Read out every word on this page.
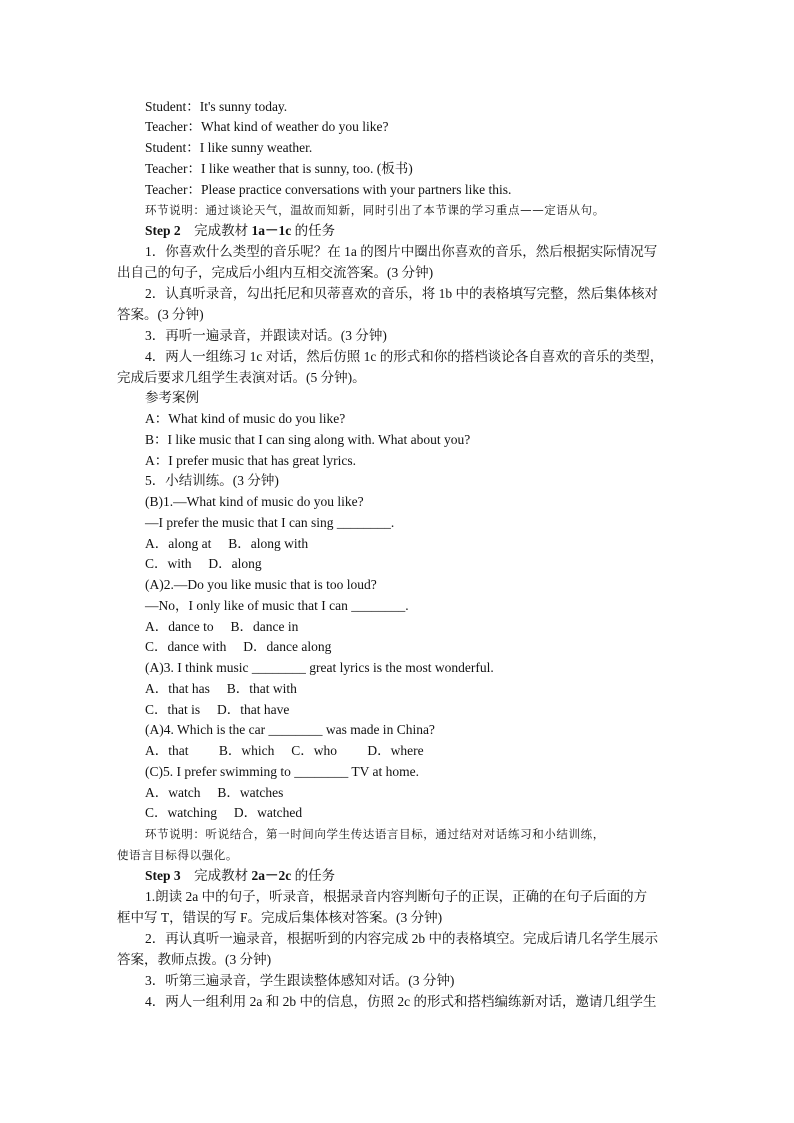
Student：It's sunny today.
Teacher：What kind of weather do you like?
Student：I like sunny weather.
Teacher：I like weather that is sunny, too. (板书)
Teacher：Please practice conversations with your partners like this.
环节说明：通过谈论天气，温故而知新，同时引出了本节课的学习重点——定语从句。
Step 2　完成教材 1a－1c 的任务
1．你喜欢什么类型的音乐呢？在 1a 的图片中圈出你喜欢的音乐，然后根据实际情况写
出自己的句子，完成后小组内互相交流答案。(3 分钟)
2．认真听录音，勾出托尼和贝蒂喜欢的音乐，将 1b 中的表格填写完整，然后集体核对
答案。(3 分钟)
3．再听一遍录音，并跟读对话。(3 分钟)
4．两人一组练习 1c 对话，然后仿照 1c 的形式和你的搭档谈论各自喜欢的音乐的类型，
完成后要求几组学生表演对话。(5 分钟)。
参考案例
A：What kind of music do you like?
B：I like music that I can sing along with. What about you?
A：I prefer music that has great lyrics.
5．小结训练。(3 分钟)
(B)1.—What kind of music do you like?
—I prefer the music that I can sing ________.
A．along at　 B．along with
C．with　 D．along
(A)2.—Do you like music that is too loud?
—No，I only like of music that I can ________.
A．dance to　 B．dance in
C．dance with　 D．dance along
(A)3. I think music ________ great lyrics is the most wonderful.
A．that has　 B．that with
C．that is　 D．that have
(A)4. Which is the car ________ was made in China?
A．that　　 B．which　 C．who　　 D．where
(C)5. I prefer swimming to ________ TV at home.
A．watch　 B．watches
C．watching　 D．watched
环节说明：听说结合，第一时间向学生传达语言目标，通过结对对话练习和小结训练，
使语言目标得以强化。
Step 3　完成教材 2a－2c 的任务
1.朗读 2a 中的句子，听录音，根据录音内容判断句子的正误，正确的在句子后面的方
框中写 T，错误的写 F。完成后集体核对答案。(3 分钟)
2．再认真听一遍录音，根据听到的内容完成 2b 中的表格填空。完成后请几名学生展示
答案，教师点拨。(3 分钟)
3．听第三遍录音，学生跟读整体感知对话。(3 分钟)
4．两人一组利用 2a 和 2b 中的信息，仿照 2c 的形式和搭档编练新对话，邀请几组学生
